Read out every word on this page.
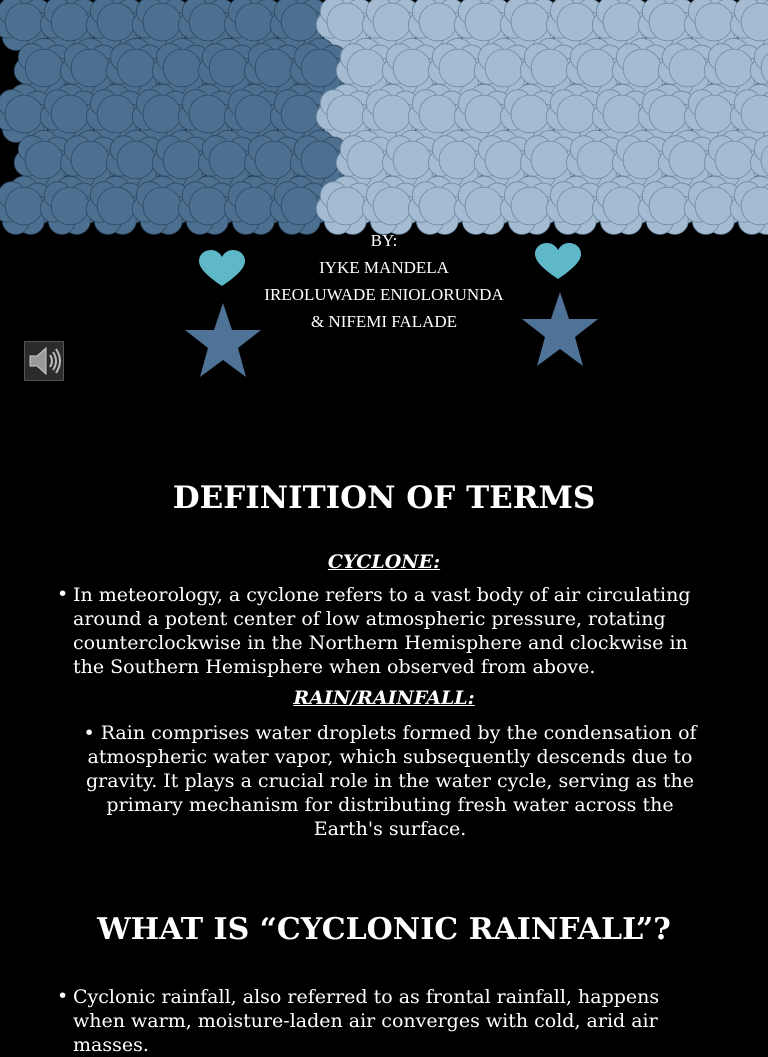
BY:
IYKE MANDELA
IREOLUWADE ENIOLORUNDA
& NIFEMI FALADE
DEFINITION OF TERMS
CYCLONE:
• In meteorology, a cyclone refers to a vast body of air circulating around a potent center of low atmospheric pressure, rotating counterclockwise in the Northern Hemisphere and clockwise in the Southern Hemisphere when observed from above.
RAIN/RAINFALL:
• Rain comprises water droplets formed by the condensation of atmospheric water vapor, which subsequently descends due to gravity. It plays a crucial role in the water cycle, serving as the primary mechanism for distributing fresh water across the Earth's surface.
WHAT IS “CYCLONIC RAINFALL”?
• Cyclonic rainfall, also referred to as frontal rainfall, happens when warm, moisture-laden air converges with cold, arid air masses.
